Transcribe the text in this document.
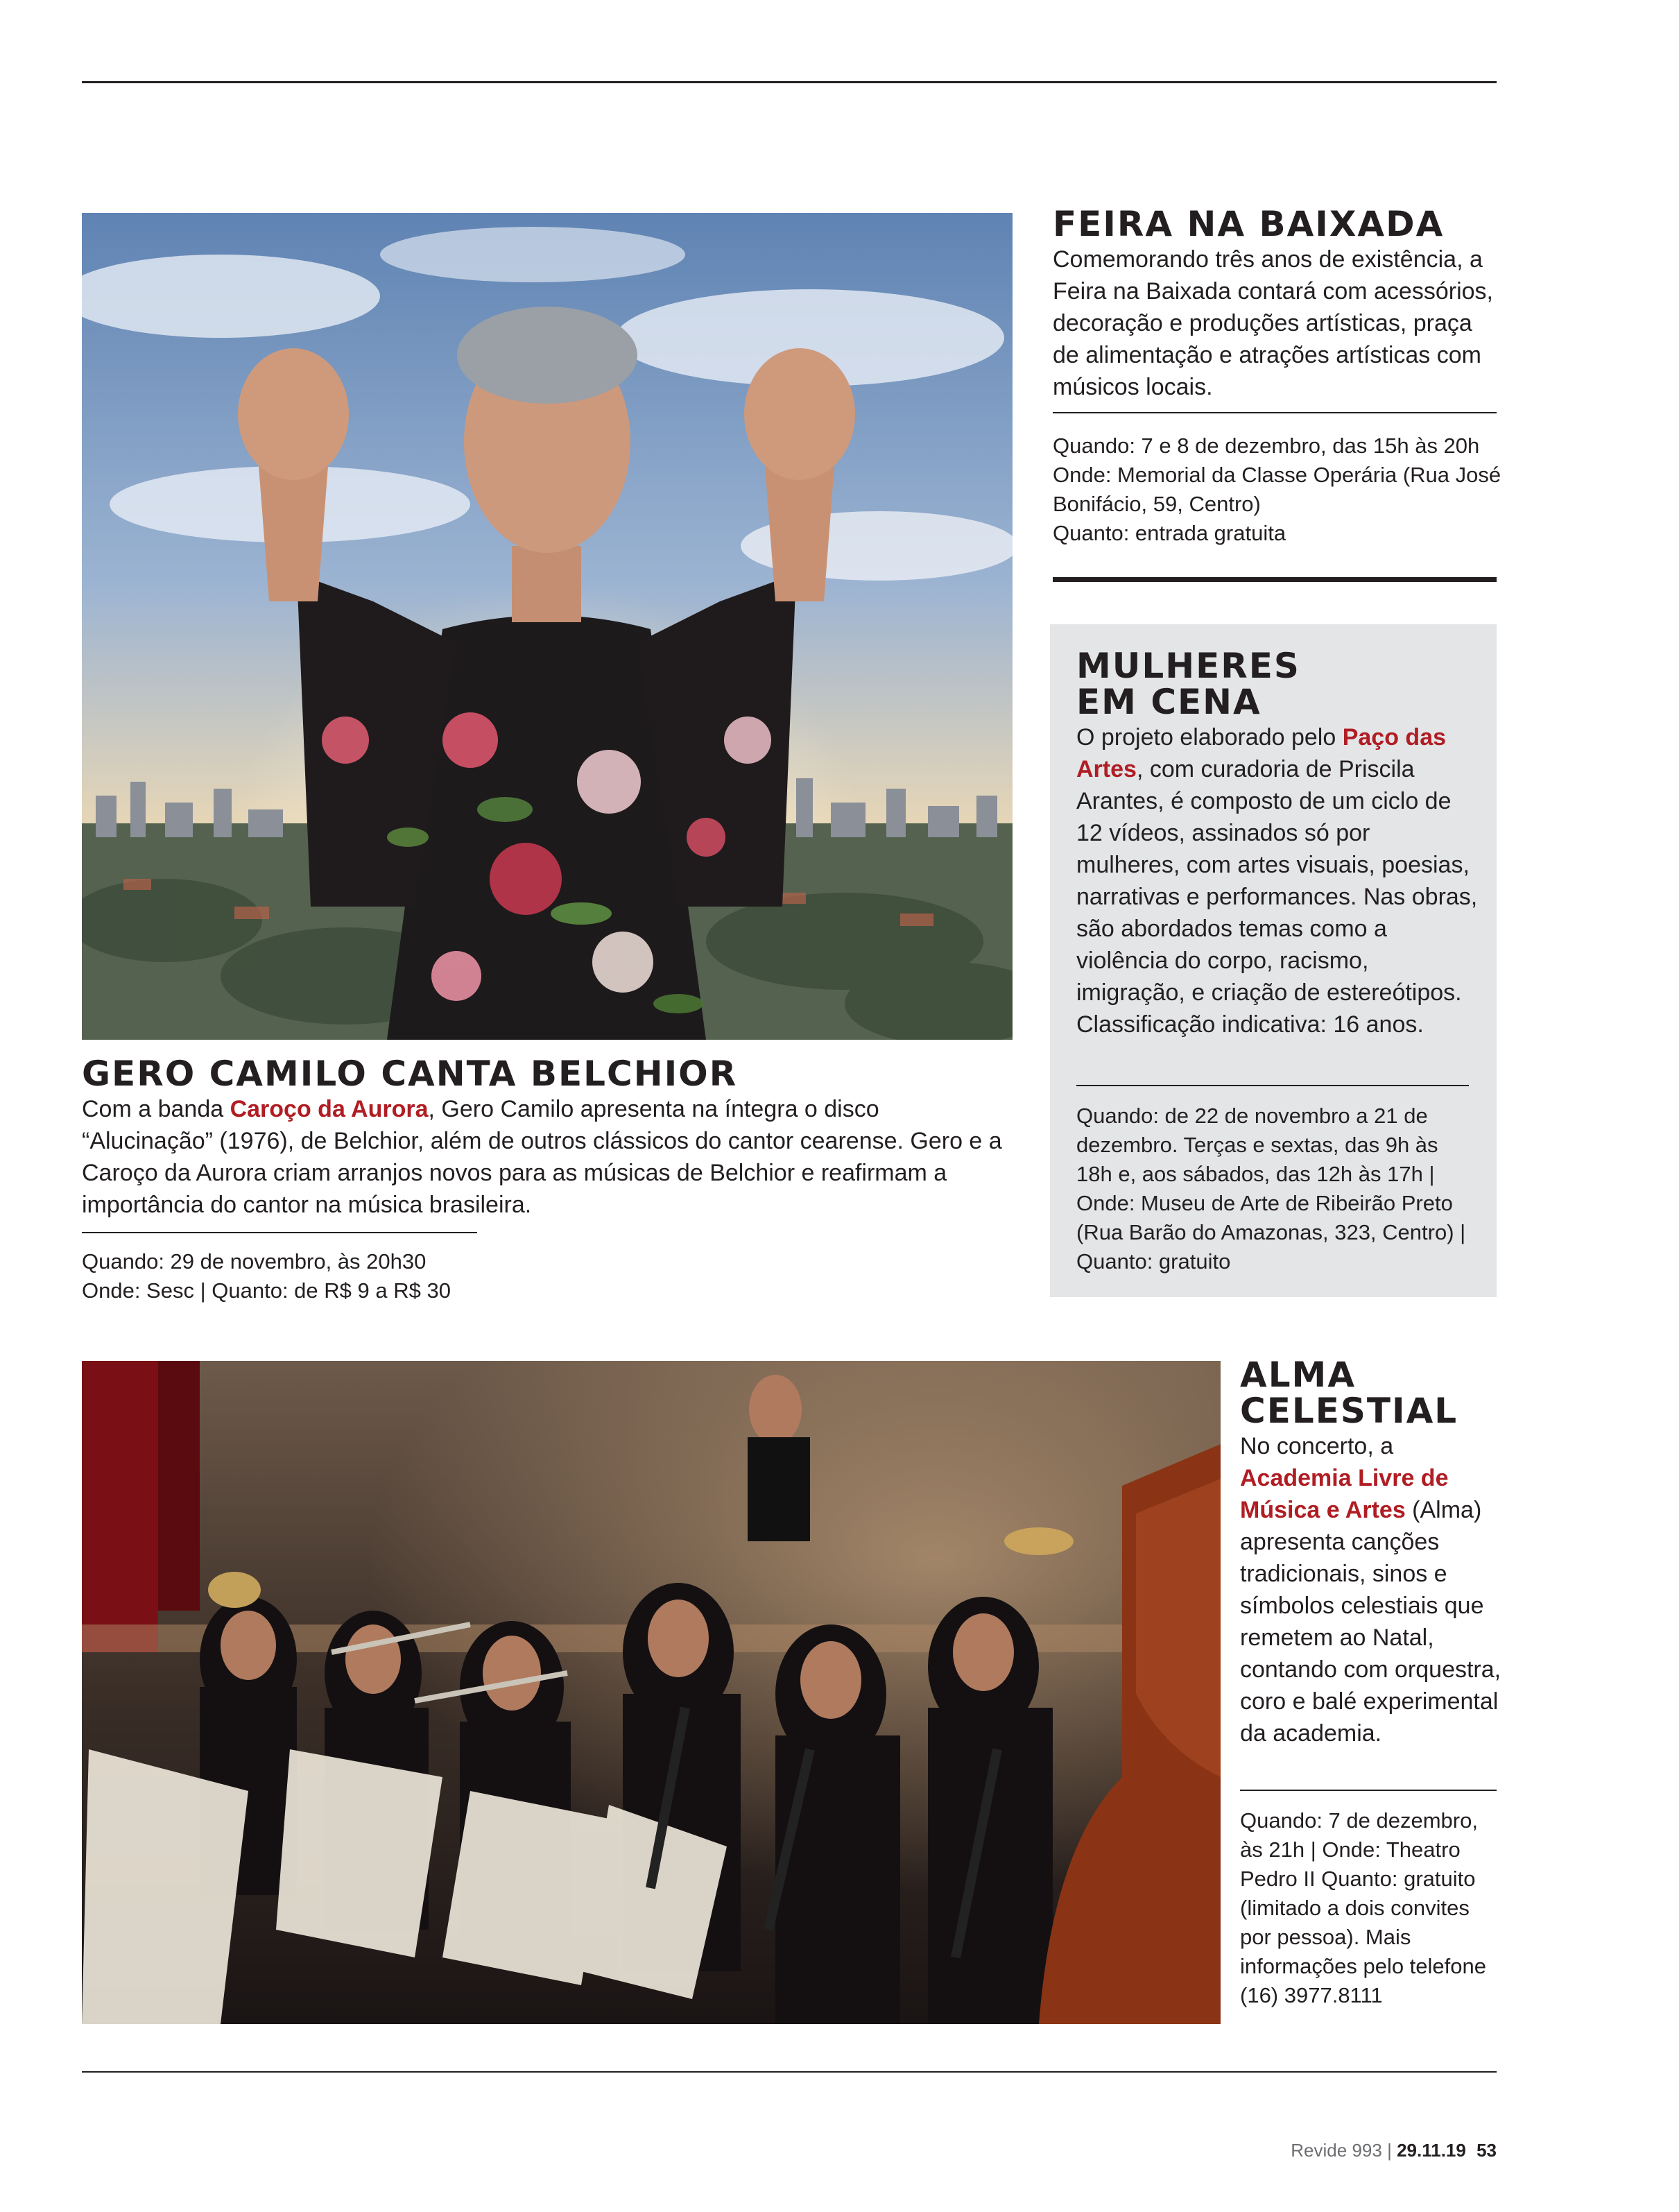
FEIRA NA BAIXADA

Comemorando três anos de existência, a Feira na Baixada contará com acessórios, decoração e produções artísticas, praça de alimentação e atrações artísticas com músicos locais.

Quando: 7 e 8 de dezembro, das 15h às 20h

Onde: Memorial da Classe Operária (Rua José Bonifácio, 59, Centro)

Quanto: entrada gratuita

MULHERES
EM CENA

O projeto elaborado pelo Paço das Artes, com curadoria de Priscila Arantes, é composto de um ciclo de 12 vídeos, assinados só por mulheres, com artes visuais, poesias, narrativas e performances. Nas obras, são abordados temas como a violência do corpo, racismo, imigração, e criação de estereótipos. Classificação indicativa: 16 anos.

Quando: de 22 de novembro a 21 de dezembro. Terças e sextas, das 9h às 18h e, aos sábados, das 12h às 17h | Onde: Museu de Arte de Ribeirão Preto (Rua Barão do Amazonas, 323, Centro) | Quanto: gratuito

GERO CAMILO CANTA BELCHIOR

Com a banda Caroço da Aurora, Gero Camilo apresenta na íntegra o disco “Alucinação” (1976), de Belchior, além de outros clássicos do cantor cearense. Gero e a Caroço da Aurora criam arranjos novos para as músicas de Belchior e reafirmam a importância do cantor na música brasileira.

Quando: 29 de novembro, às 20h30

Onde: Sesc | Quanto: de R$ 9 a R$ 30

ALMA
CELESTIAL

No concerto, a Academia Livre de Música e Artes (Alma) apresenta canções tradicionais, sinos e símbolos celestiais que remetem ao Natal, contando com orquestra, coro e balé experimental da academia.

Quando: 7 de dezembro, às 21h | Onde: Theatro Pedro II Quanto: gratuito (limitado a dois convites por pessoa). Mais informações pelo telefone (16) 3977.8111

Revide 993 | 29.11.19 53
